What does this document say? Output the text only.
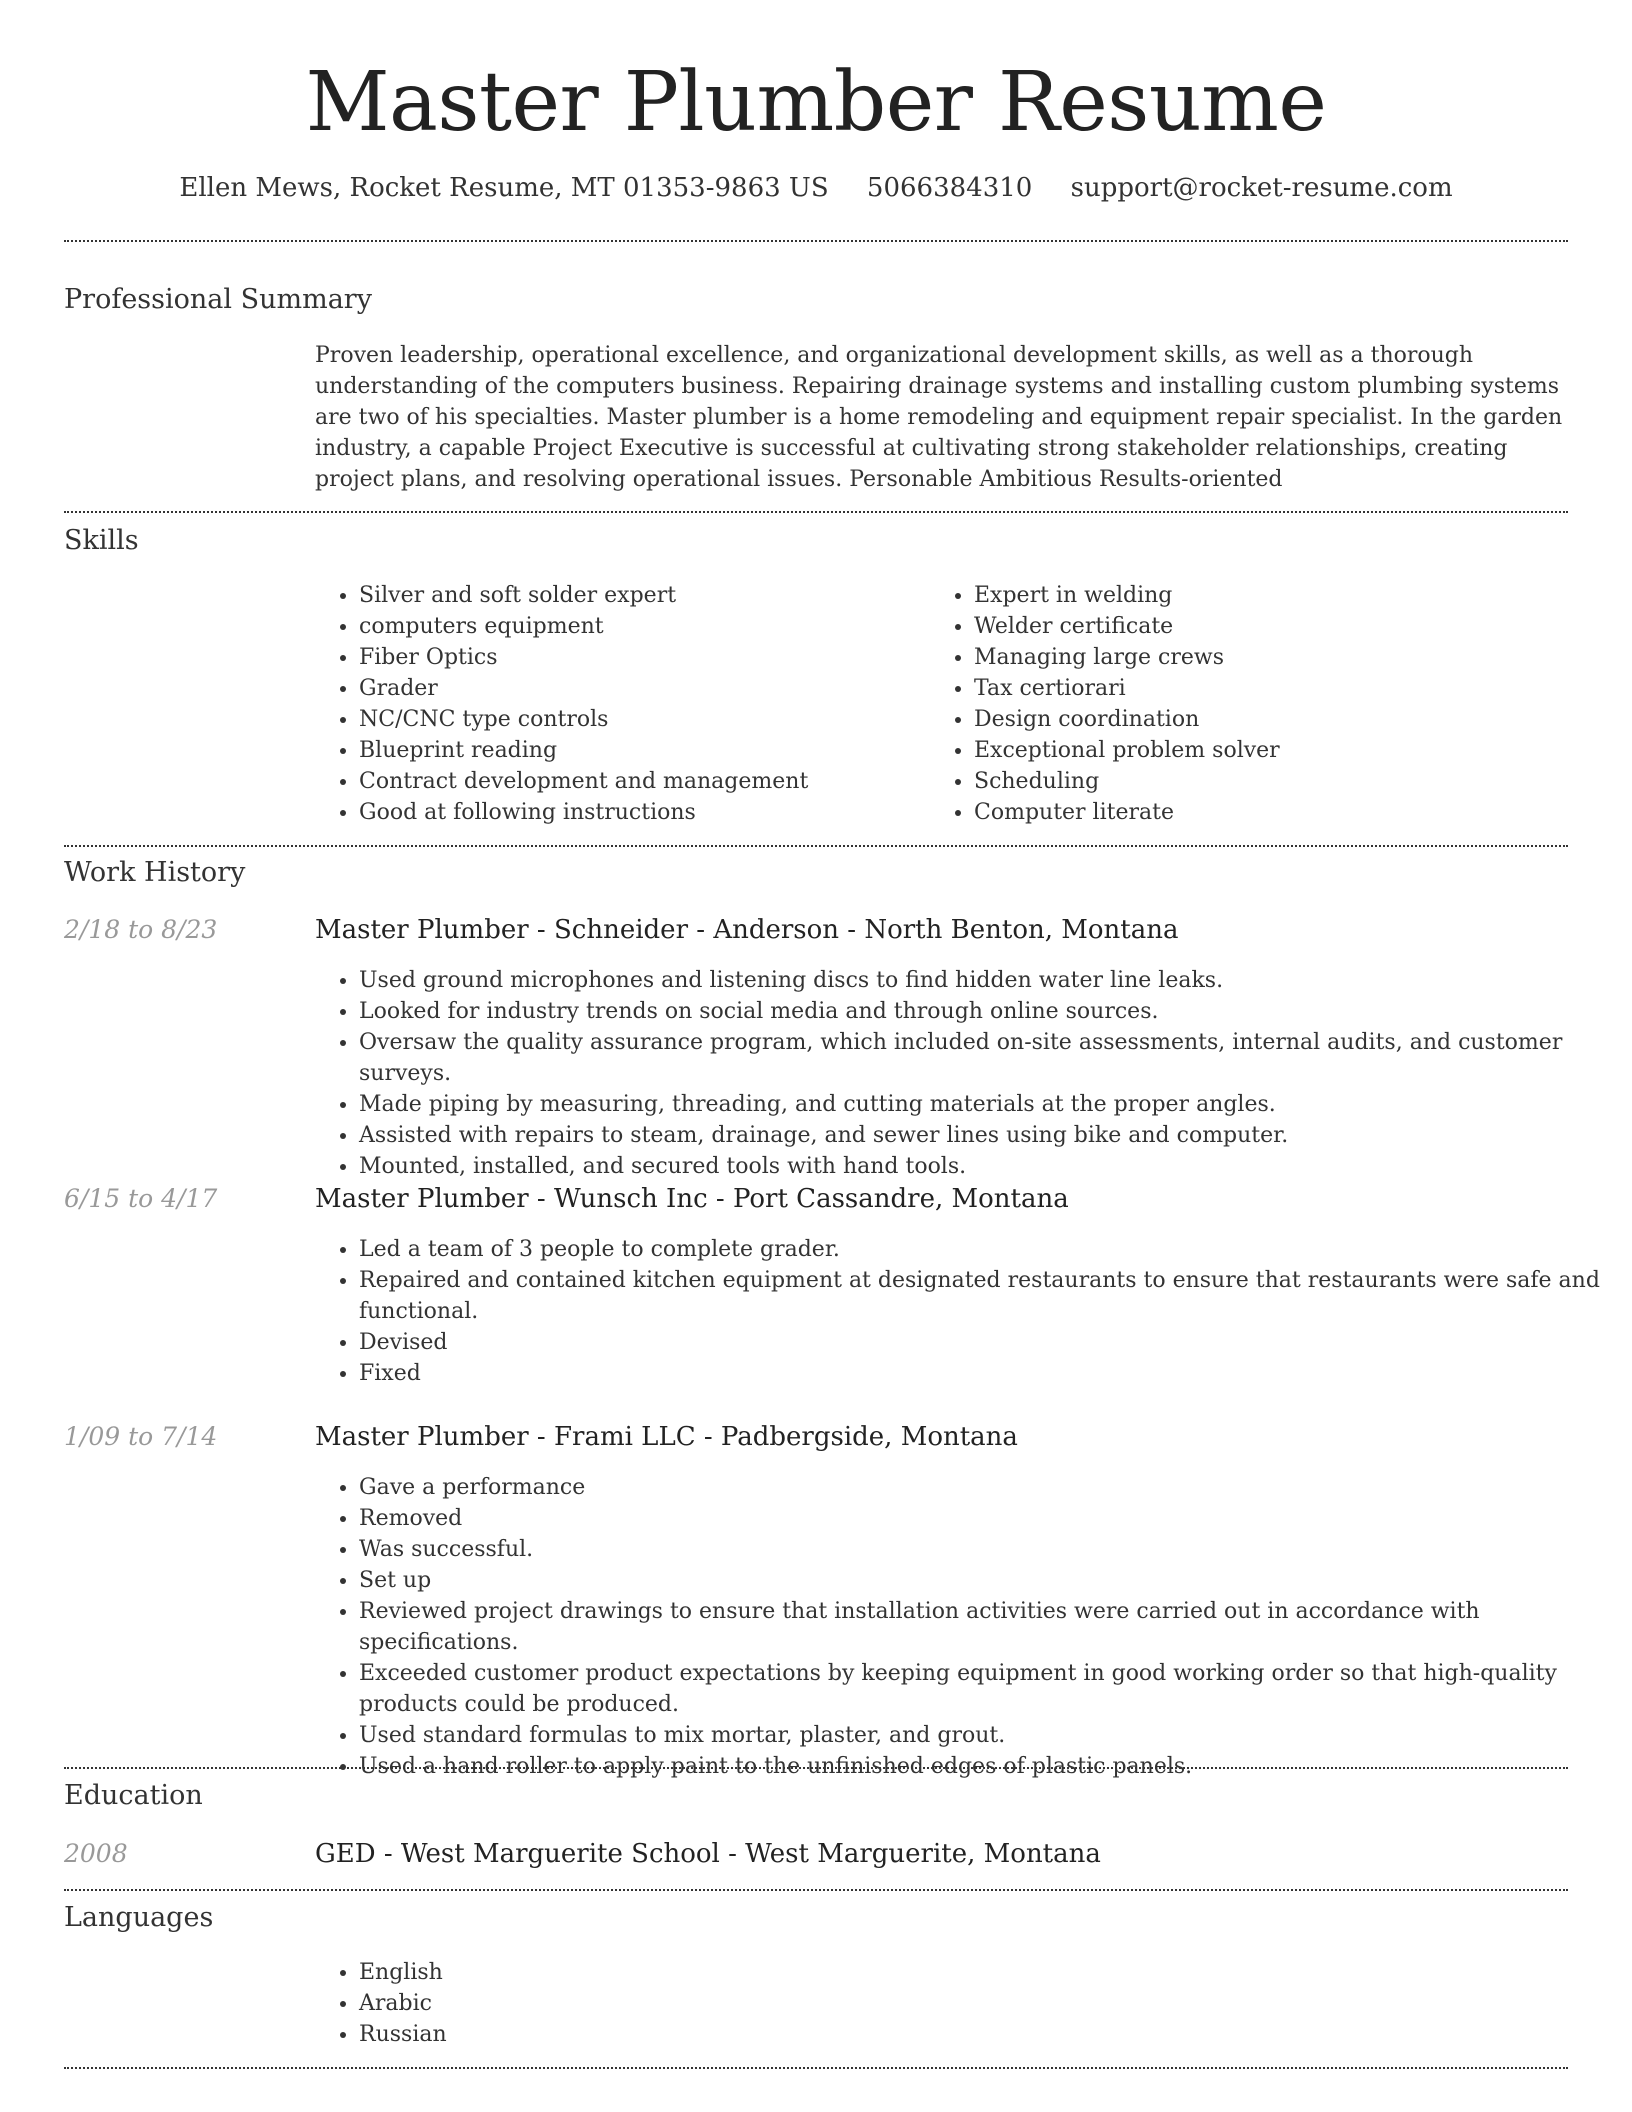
Master Plumber Resume
Ellen Mews, Rocket Resume, MT 01353-9863 US 5066384310 support@rocket-resume.com
Professional Summary

Proven leadership, operational excellence, and organizational development skills, as well as a thorough understanding of the computers business. Repairing drainage systems and installing custom plumbing systems are two of his specialties. Master plumber is a home remodeling and equipment repair specialist. In the garden industry, a capable Project Executive is successful at cultivating strong stakeholder relationships, creating project plans, and resolving operational issues. Personable Ambitious Results-oriented

Skills
• Silver and soft solder expert
• computers equipment
• Fiber Optics
• Grader
• NC/CNC type controls
• Blueprint reading
• Contract development and management
• Good at following instructions
• Expert in welding
• Welder certificate
• Managing large crews
• Tax certiorari
• Design coordination
• Exceptional problem solver
• Scheduling
• Computer literate
Work History
2/18 to 8/23	Master Plumber - Schneider - Anderson - North Benton, Montana
• Used ground microphones and listening discs to find hidden water line leaks.
• Looked for industry trends on social media and through online sources.
• Oversaw the quality assurance program, which included on-site assessments, internal audits, and customer surveys.
• Made piping by measuring, threading, and cutting materials at the proper angles.
• Assisted with repairs to steam, drainage, and sewer lines using bike and computer.
• Mounted, installed, and secured tools with hand tools.
6/15 to 4/17	Master Plumber - Wunsch Inc - Port Cassandre, Montana
• Led a team of 3 people to complete grader.
• Repaired and contained kitchen equipment at designated restaurants to ensure that restaurants were safe and functional.
• Devised
• Fixed
1/09 to 7/14	Master Plumber - Frami LLC - Padbergside, Montana
• Gave a performance
• Removed
• Was successful.
• Set up
• Reviewed project drawings to ensure that installation activities were carried out in accordance with specifications.
• Exceeded customer product expectations by keeping equipment in good working order so that high-quality products could be produced.
• Used standard formulas to mix mortar, plaster, and grout.
• Used a hand roller to apply paint to the unfinished edges of plastic panels.
Education
2008	GED - West Marguerite School - West Marguerite, Montana
Languages
• English
• Arabic
• Russian
